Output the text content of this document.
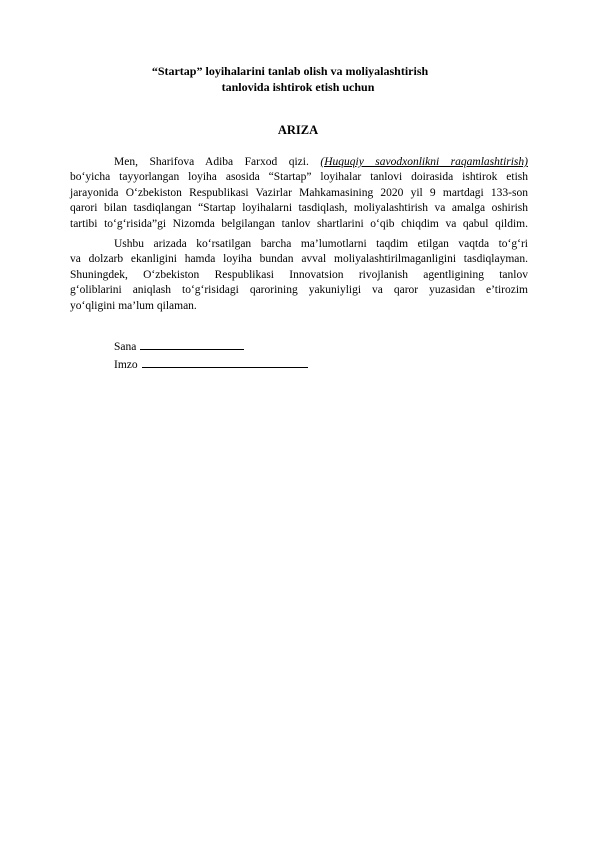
“Startap” loyihalarini tanlab olish va moliyalashtirish

tanlovida ishtirok etish uchun

ARIZA

Men, Sharifova Adiba Farxod qizi. (Huquqiy savodxonlikni raqamlashtirish)
bo‘yicha tayyorlangan loyiha asosida “Startap” loyihalar tanlovi doirasida ishtirok etish
jarayonida O‘zbekiston Respublikasi Vazirlar Mahkamasining 2020 yil 9 martdagi 133-son
qarori bilan tasdiqlangan “Startap loyihalarni tasdiqlash, moliyalashtirish va amalga oshirish
tartibi to‘g‘risida”gi Nizomda belgilangan tanlov shartlarini o‘qib chiqdim va qabul qildim.
Ushbu arizada ko‘rsatilgan barcha ma’lumotlarni taqdim etilgan vaqtda to‘g‘ri
va dolzarb ekanligini hamda loyiha bundan avval moliyalashtirilmaganligini tasdiqlayman.
Shuningdek, O‘zbekiston Respublikasi Innovatsion rivojlanish agentligining tanlov
g‘oliblarini aniqlash to‘g‘risidagi qarorining yakuniyligi va qaror yuzasidan e’tirozim
yo‘qligini ma’lum qilaman.
Sana
Imzo
